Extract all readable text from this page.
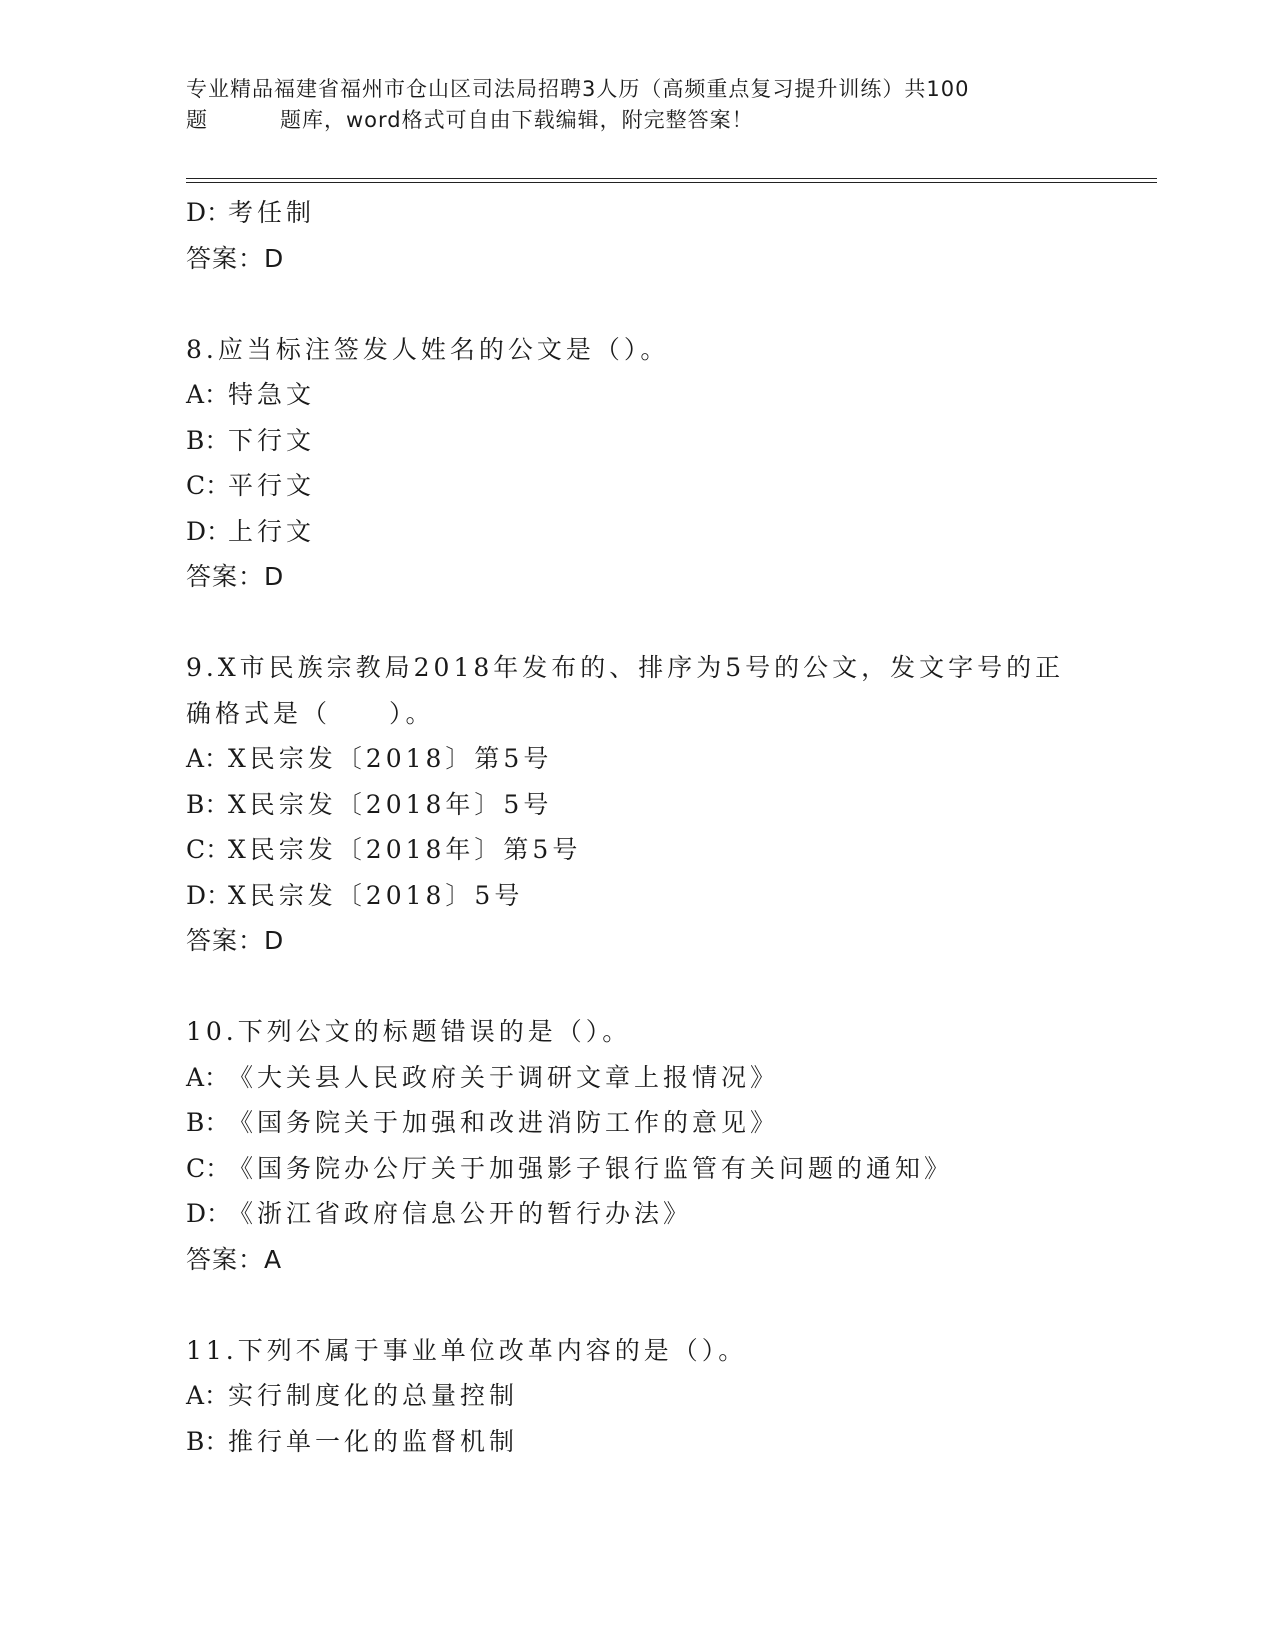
专业精品福建省福州市仓山区司法局招聘3人历（高频重点复习提升训练）共100
题	题库，word格式可自由下载编辑，附完整答案！
D：考任制
答案：D
8.应当标注签发人姓名的公文是（）。
A：特急文
B：下行文
C：平行文
D：上行文
答案：D
9.X市民族宗教局2018年发布的、排序为5号的公文，发文字号的正
确格式是（　　）。
A：X民宗发〔2018〕第5号
B：X民宗发〔2018年〕5号
C：X民宗发〔2018年〕第5号
D：X民宗发〔2018〕5号
答案：D
10.下列公文的标题错误的是（）。
A：《大关县人民政府关于调研文章上报情况》
B：《国务院关于加强和改进消防工作的意见》
C：《国务院办公厅关于加强影子银行监管有关问题的通知》
D：《浙江省政府信息公开的暂行办法》
答案：A
11.下列不属于事业单位改革内容的是（）。
A：实行制度化的总量控制
B：推行单一化的监督机制
